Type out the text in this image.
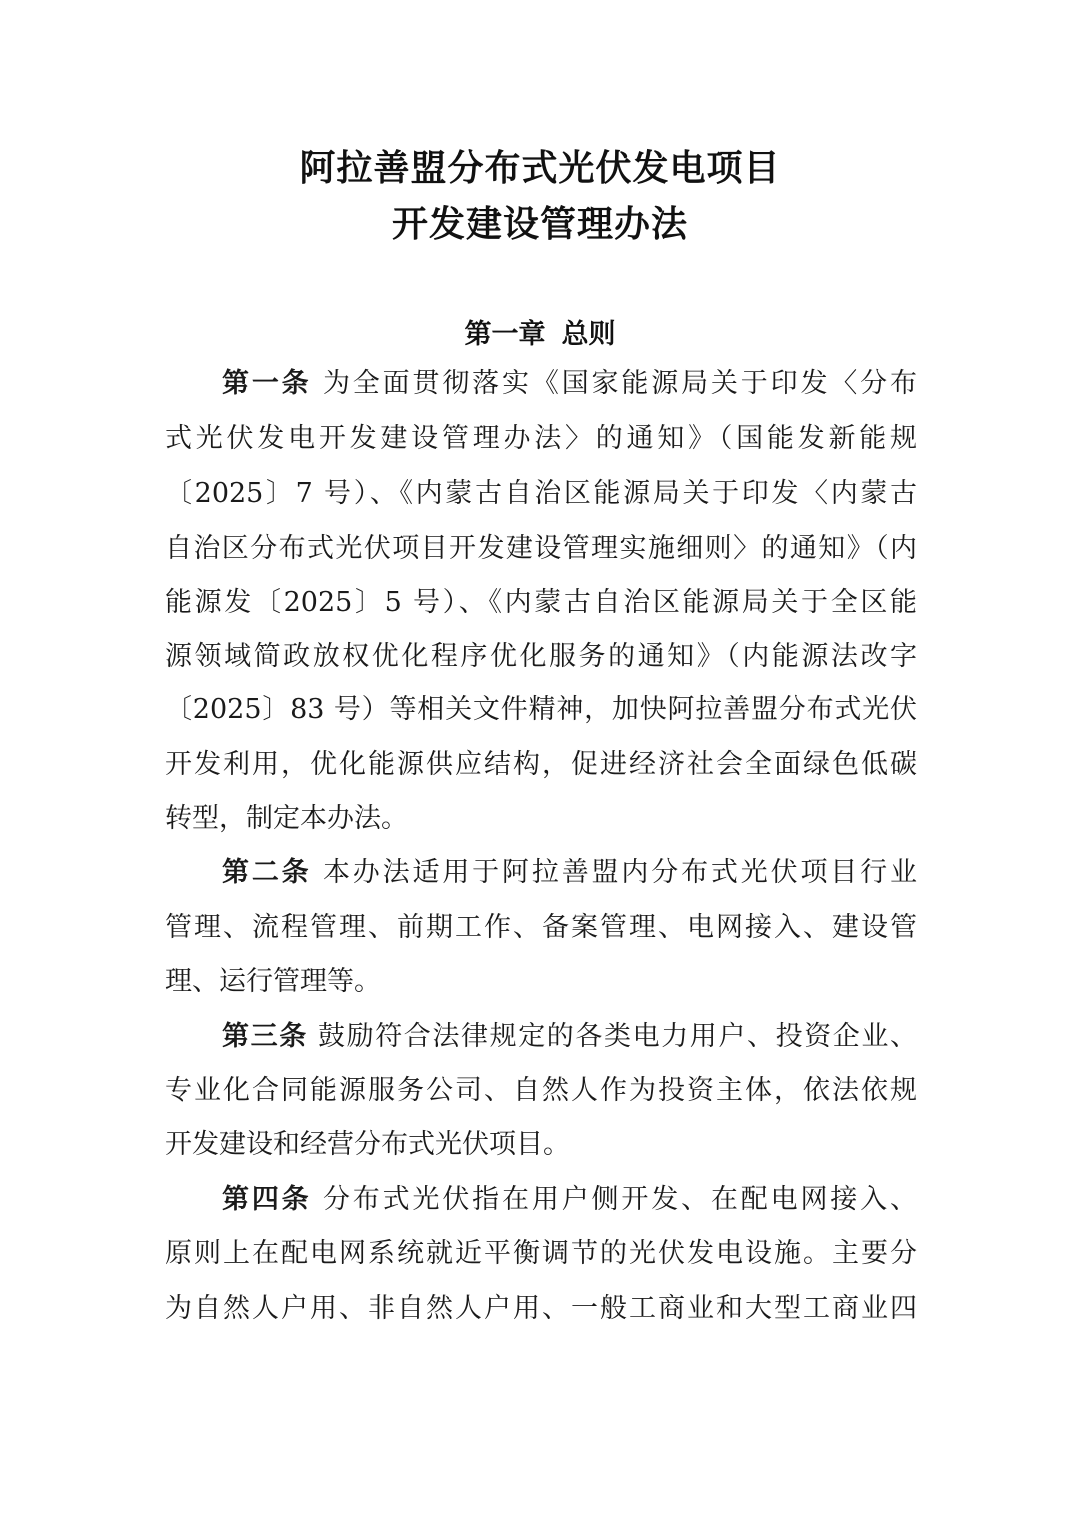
阿拉善盟分布式光伏发电项目
开发建设管理办法
第一章 总则
第一条 为全面贯彻落实《国家能源局关于印发〈分布
式光伏发电开发建设管理办法〉的通知》（国能发新能规
〔2025〕7 号）、《内蒙古自治区能源局关于印发〈内蒙古
自治区分布式光伏项目开发建设管理实施细则〉的通知》（内
能源发〔2025〕5 号）、《内蒙古自治区能源局关于全区能
源领域简政放权优化程序优化服务的通知》（内能源法改字
〔2025〕83 号）等相关文件精神，加快阿拉善盟分布式光伏
开发利用，优化能源供应结构，促进经济社会全面绿色低碳
转型，制定本办法。
第二条 本办法适用于阿拉善盟内分布式光伏项目行业
管理、流程管理、前期工作、备案管理、电网接入、建设管
理、运行管理等。
第三条 鼓励符合法律规定的各类电力用户、投资企业、
专业化合同能源服务公司、自然人作为投资主体，依法依规
开发建设和经营分布式光伏项目。
第四条 分布式光伏指在用户侧开发、在配电网接入、
原则上在配电网系统就近平衡调节的光伏发电设施。主要分
为自然人户用、非自然人户用、一般工商业和大型工商业四
